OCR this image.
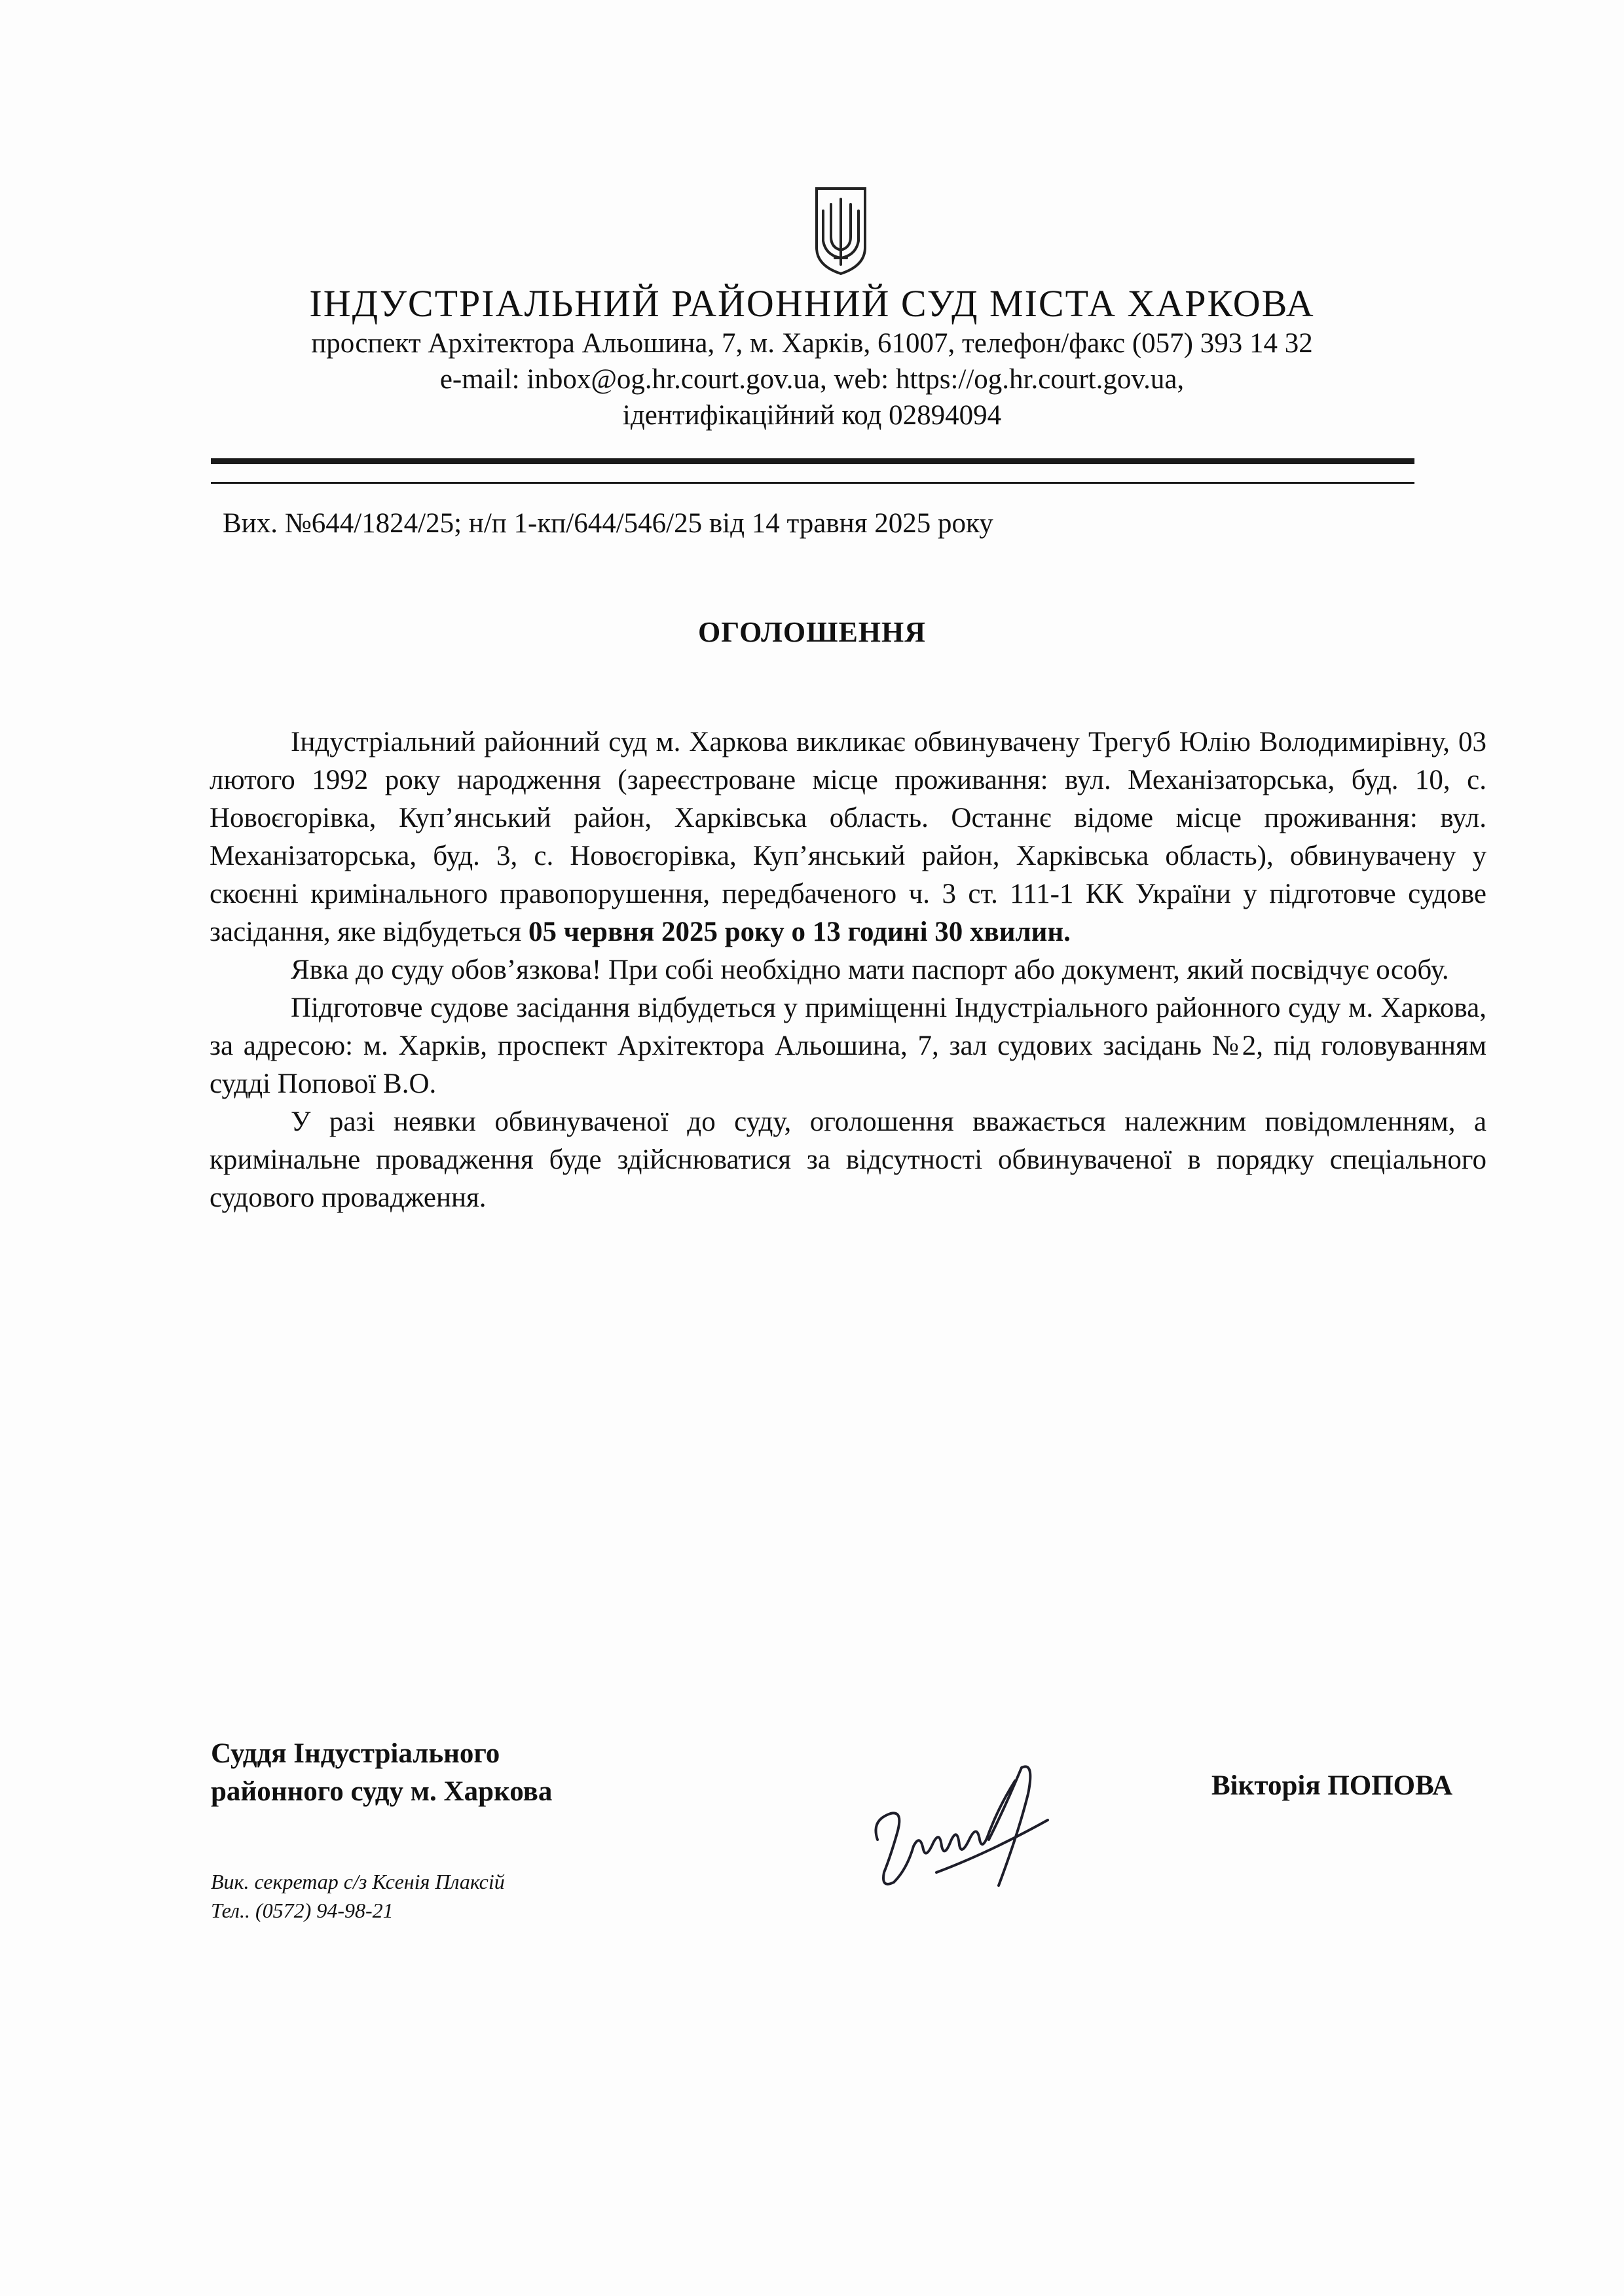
ІНДУСТРІАЛЬНИЙ РАЙОННИЙ СУД МІСТА ХАРКОВА
проспект Архітектора Альошина, 7, м. Харків, 61007, телефон/факс (057) 393 14 32
e-mail: inbox@og.hr.court.gov.ua, web: https://og.hr.court.gov.ua,
ідентифікаційний код 02894094
Вих. №644/1824/25; н/п 1-кп/644/546/25 від 14 травня 2025 року
ОГОЛОШЕННЯ

Індустріальний районний суд м. Харкова викликає обвинувачену Трегуб Юлію Володимирівну, 03 лютого 1992 року народження (зареєстроване місце проживання: вул. Механізаторська, буд. 10, с. Новоєгорівка, Куп’янський район, Харківська область. Останнє відоме місце проживання: вул. Механізаторська, буд. 3, с. Новоєгорівка, Куп’янський район, Харківська область), обвинувачену у скоєнні кримінального правопорушення, передбаченого ч. 3 ст. 111-1 КК України у підготовче судове засідання, яке відбудеться 05 червня 2025 року о 13 годині 30 хвилин.

Явка до суду обов’язкова! При собі необхідно мати паспорт або документ, який посвідчує особу.

Підготовче судове засідання відбудеться у приміщенні Індустріального районного суду м. Харкова, за адресою: м. Харків, проспект Архітектора Альошина, 7, зал судових засідань №2, під головуванням судді Попової В.О.

У разі неявки обвинуваченої до суду, оголошення вважається належним повідомленням, а кримінальне провадження буде здійснюватися за відсутності обвинуваченої в порядку спеціального судового провадження.

Суддя Індустріального
районного суду м. Харкова	Вікторія ПОПОВА
Вик. секретар с/з Ксенія Плаксій
Тел.. (0572) 94-98-21
